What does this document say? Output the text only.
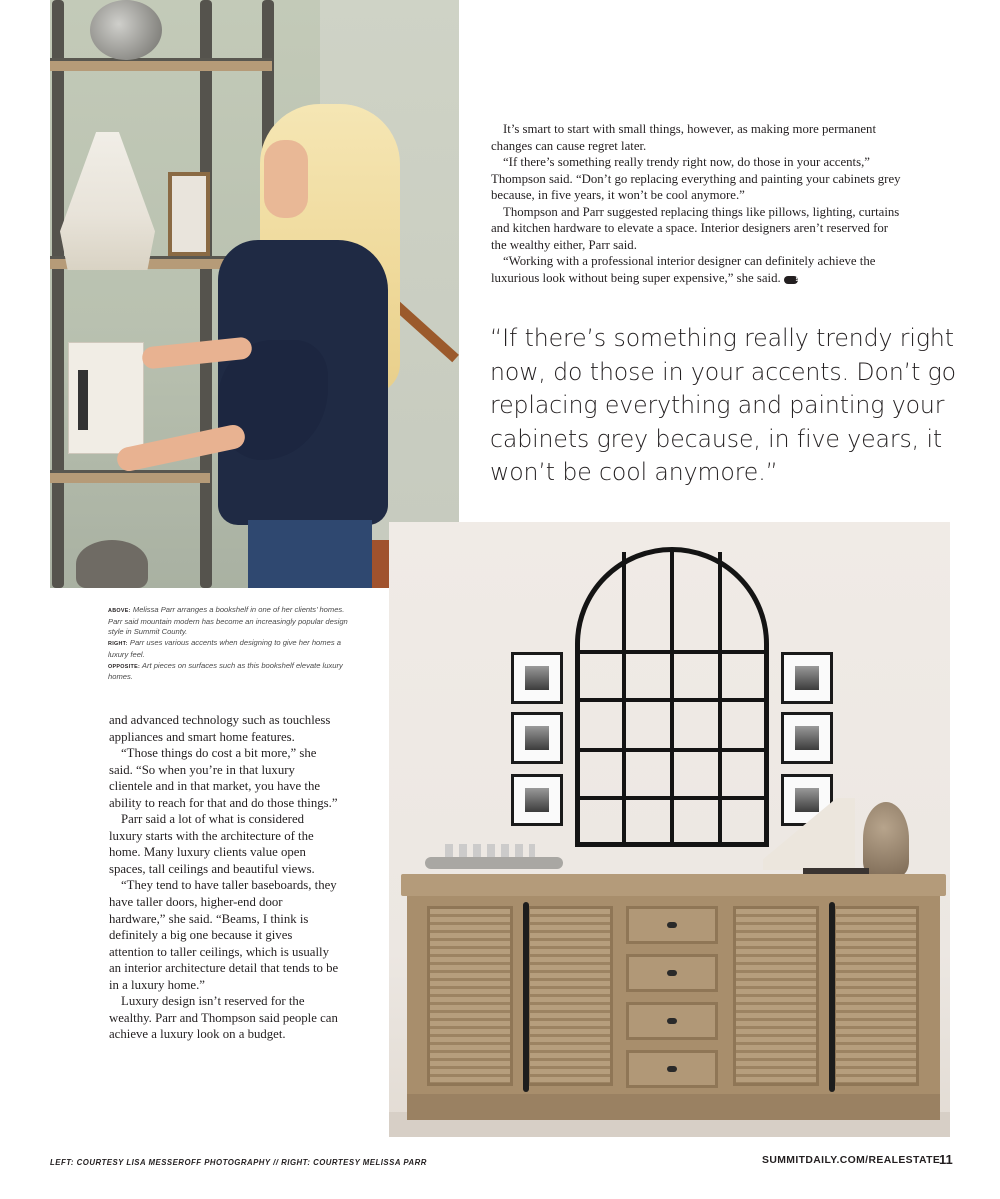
It’s smart to start with small things, however, as making more permanent changes can cause regret later.

“If there’s something really trendy right now, do those in your accents,” Thompson said. “Don’t go replacing everything and painting your cabinets grey because, in five years, it won’t be cool anymore.”

Thompson and Parr suggested replacing things like pillows, lighting, curtains and kitchen hardware to elevate a space. Interior designers aren’t reserved for the wealthy either, Parr said.

“Working with a professional interior designer can definitely achieve the luxurious look without being super expensive,” she said.	SCH

“If there’s something really trendy right now, do those in your accents. Don’t go replacing everything and painting your cabinets grey because, in five years, it won’t be cool anymore.”

ABOVE: Melissa Parr arranges a bookshelf in one of her clients’ homes. Parr said mountain modern has become an increasingly popular design style in Summit County.
RIGHT: Parr uses various accents when designing to give her homes a luxury feel.
OPPOSITE: Art pieces on surfaces such as this bookshelf elevate luxury homes.

and advanced technology such as touchless appliances and smart home features.

“Those things do cost a bit more,” she said. “So when you’re in that luxury clientele and in that market, you have the ability to reach for that and do those things.”

Parr said a lot of what is considered luxury starts with the architecture of the home. Many luxury clients value open spaces, tall ceilings and beautiful views.

“They tend to have taller baseboards, they have taller doors, higher-end door hardware,” she said. “Beams, I think is definitely a big one because it gives attention to taller ceilings, which is usually an interior architecture detail that tends to be in a luxury home.”

Luxury design isn’t reserved for the wealthy. Parr and Thompson said people can achieve a luxury look on a budget.

LEFT: COURTESY LISA MESSEROFF PHOTOGRAPHY // RIGHT: COURTESY MELISSA PARR	SUMMITDAILY.COM/REALESTATE
11
